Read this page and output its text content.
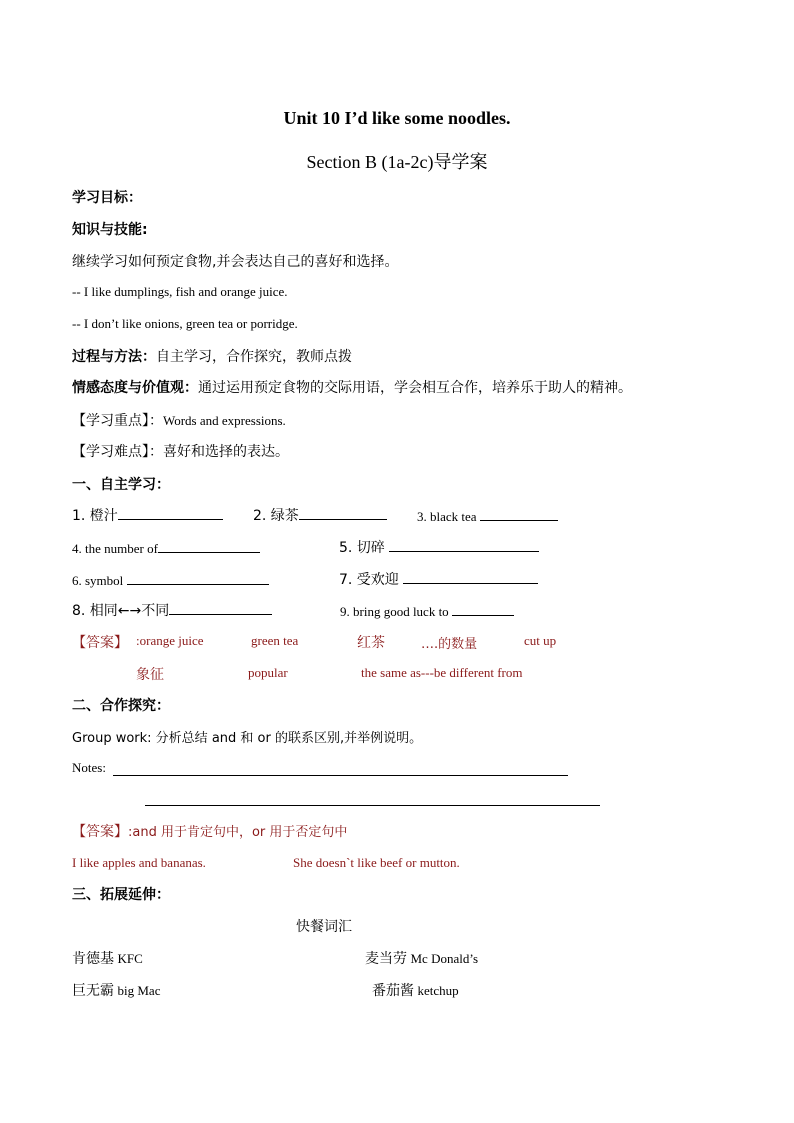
Unit 10 I’d like some noodles.
Section B (1a-2c)导学案
学习目标：
知识与技能:
继续学习如何预定食物,并会表达自己的喜好和选择。
-- I like dumplings, fish and orange juice.
-- I don’t like onions, green tea or porridge.
过程与方法：自主学习，合作探究，教师点拨
情感态度与价值观：通过运用预定食物的交际用语，学会相互合作，培养乐于助人的精神。
【学习重点】：Words and expressions.
【学习难点】：喜好和选择的表达。
一、自主学习：
1. 橙汁	2. 绿茶	3. black tea
4. the number of	5. 切碎
6. symbol	7. 受欢迎
8. 相同←→不同	9. bring good luck to
【答案】 :orange juice	green tea	红茶	….的数量	cut up
象征	popular	the same as---be different from
二、合作探究：
Group work: 分析总结 and 和 or 的联系区别,并举例说明。
Notes:
【答案】:and 用于肯定句中，or 用于否定句中
I like apples and bananas.	She doesn`t like beef or mutton.
三、拓展延伸：
快餐词汇
肯德基 KFC	麦当劳 Mc Donald’s
巨无霸 big Mac	番茄酱 ketchup
